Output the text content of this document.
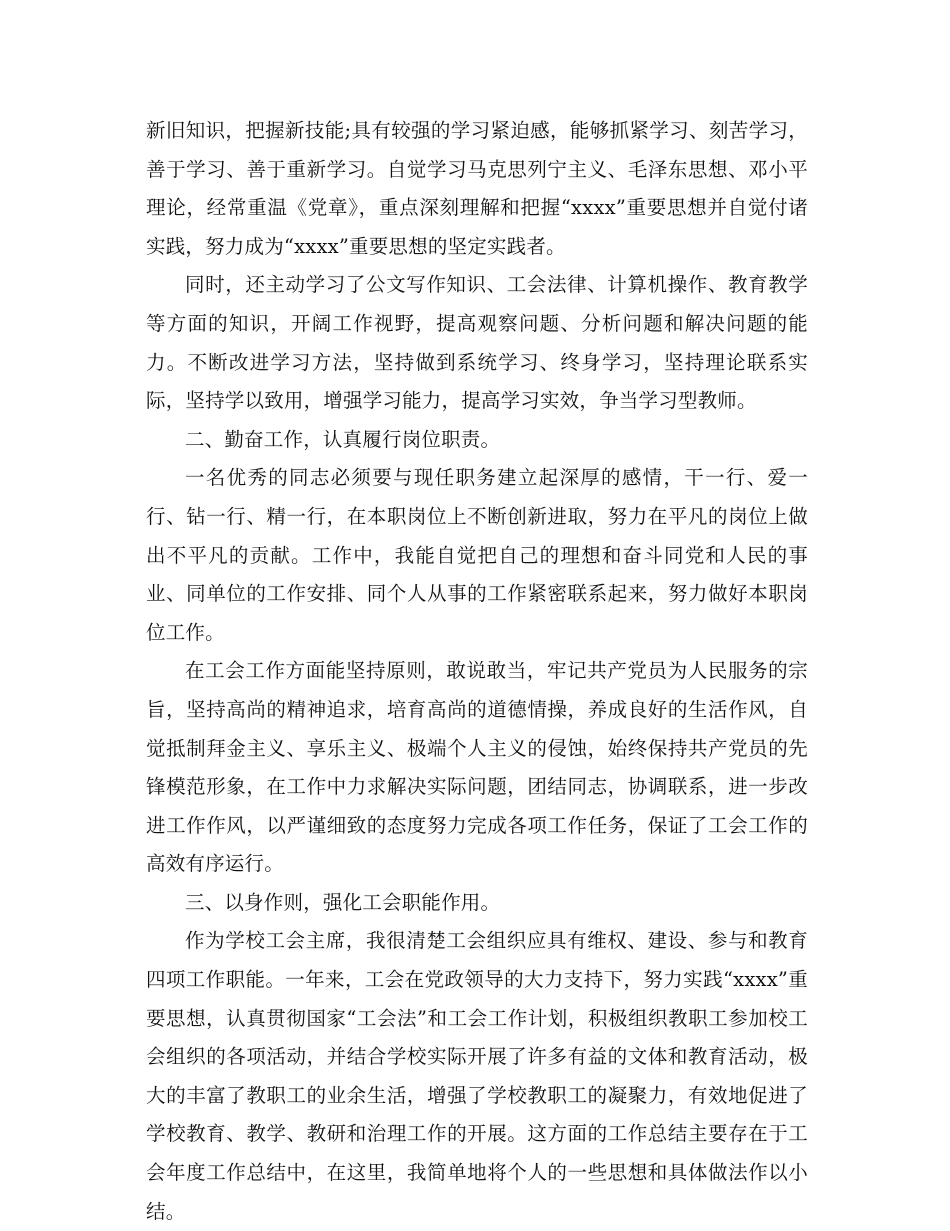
新旧知识，把握新技能;具有较强的学习紧迫感，能够抓紧学习、刻苦学习，善于学习、善于重新学习。自觉学习马克思列宁主义、毛泽东思想、邓小平理论，经常重温《党章》，重点深刻理解和把握“xxxx”重要思想并自觉付诸实践，努力成为“xxxx”重要思想的坚定实践者。

同时，还主动学习了公文写作知识、工会法律、计算机操作、教育教学等方面的知识，开阔工作视野，提高观察问题、分析问题和解决问题的能力。不断改进学习方法，坚持做到系统学习、终身学习，坚持理论联系实际，坚持学以致用，增强学习能力，提高学习实效，争当学习型教师。

二、勤奋工作，认真履行岗位职责。

一名优秀的同志必须要与现任职务建立起深厚的感情，干一行、爱一行、钻一行、精一行，在本职岗位上不断创新进取，努力在平凡的岗位上做出不平凡的贡献。工作中，我能自觉把自己的理想和奋斗同党和人民的事业、同单位的工作安排、同个人从事的工作紧密联系起来，努力做好本职岗位工作。

在工会工作方面能坚持原则，敢说敢当，牢记共产党员为人民服务的宗旨，坚持高尚的精神追求，培育高尚的道德情操，养成良好的生活作风，自觉抵制拜金主义、享乐主义、极端个人主义的侵蚀，始终保持共产党员的先锋模范形象，在工作中力求解决实际问题，团结同志，协调联系，进一步改进工作作风，以严谨细致的态度努力完成各项工作任务，保证了工会工作的高效有序运行。

三、以身作则，强化工会职能作用。

作为学校工会主席，我很清楚工会组织应具有维权、建设、参与和教育四项工作职能。一年来，工会在党政领导的大力支持下，努力实践“xxxx”重要思想，认真贯彻国家“工会法”和工会工作计划，积极组织教职工参加校工会组织的各项活动，并结合学校实际开展了许多有益的文体和教育活动，极大的丰富了教职工的业余生活，增强了学校教职工的凝聚力，有效地促进了学校教育、教学、教研和治理工作的开展。这方面的工作总结主要存在于工会年度工作总结中，在这里，我简单地将个人的一些思想和具体做法作以小结。
